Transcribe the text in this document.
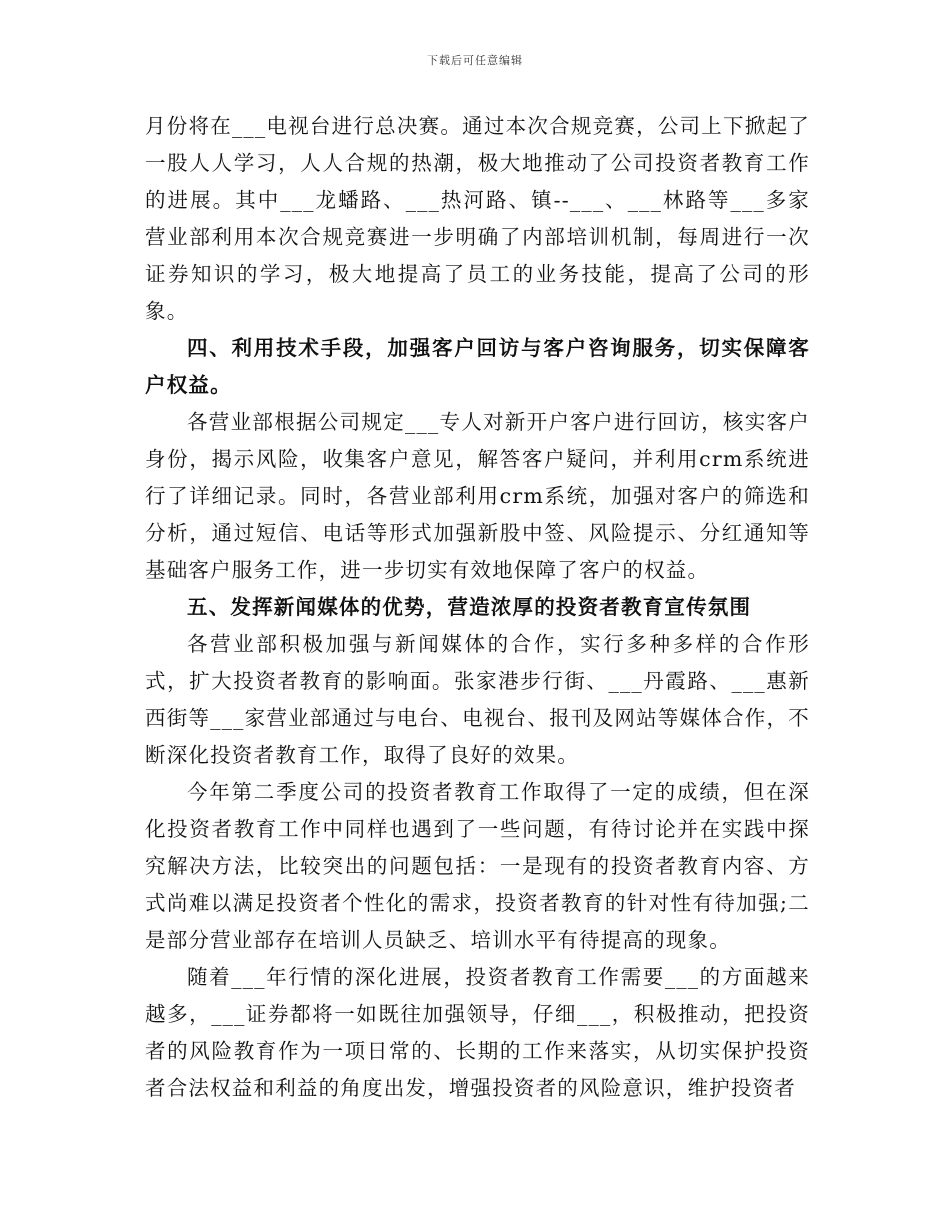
下载后可任意编辑

月份将在___电视台进行总决赛。通过本次合规竞赛，公司上下掀起了一股人人学习，人人合规的热潮，极大地推动了公司投资者教育工作的进展。其中___龙蟠路、___热河路、镇--___、___林路等___多家营业部利用本次合规竞赛进一步明确了内部培训机制，每周进行一次证券知识的学习，极大地提高了员工的业务技能，提高了公司的形象。

四、利用技术手段，加强客户回访与客户咨询服务，切实保障客户权益。

各营业部根据公司规定___专人对新开户客户进行回访，核实客户身份，揭示风险，收集客户意见，解答客户疑问，并利用crm系统进行了详细记录。同时，各营业部利用crm系统，加强对客户的筛选和分析，通过短信、电话等形式加强新股中签、风险提示、分红通知等基础客户服务工作，进一步切实有效地保障了客户的权益。

五、发挥新闻媒体的优势，营造浓厚的投资者教育宣传氛围

各营业部积极加强与新闻媒体的合作，实行多种多样的合作形式，扩大投资者教育的影响面。张家港步行街、___丹霞路、___惠新西街等___家营业部通过与电台、电视台、报刊及网站等媒体合作，不断深化投资者教育工作，取得了良好的效果。

今年第二季度公司的投资者教育工作取得了一定的成绩，但在深化投资者教育工作中同样也遇到了一些问题，有待讨论并在实践中探究解决方法，比较突出的问题包括：一是现有的投资者教育内容、方式尚难以满足投资者个性化的需求，投资者教育的针对性有待加强;二是部分营业部存在培训人员缺乏、培训水平有待提高的现象。

随着___年行情的深化进展，投资者教育工作需要___的方面越来越多，___证券都将一如既往加强领导，仔细___，积极推动，把投资者的风险教育作为一项日常的、长期的工作来落实，从切实保护投资者合法权益和利益的角度出发，增强投资者的风险意识，维护投资者
